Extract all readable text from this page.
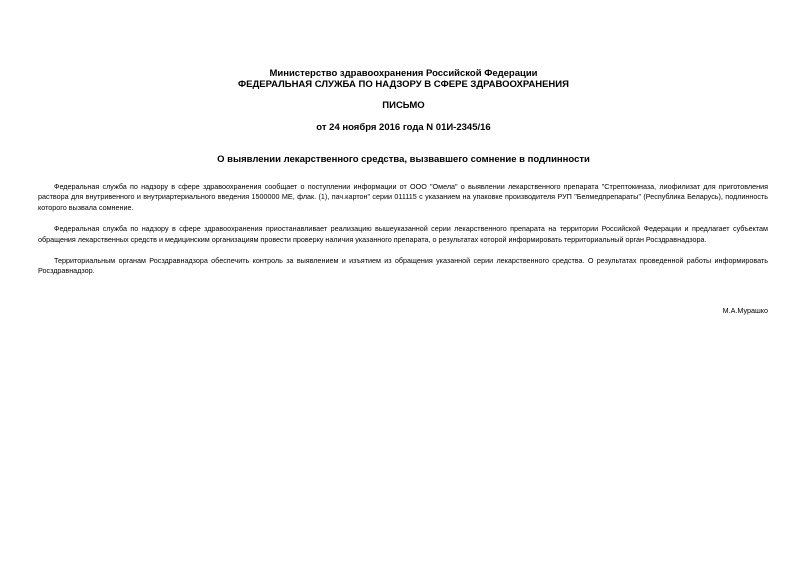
Министерство здравоохранения Российской Федерации
ФЕДЕРАЛЬНАЯ СЛУЖБА ПО НАДЗОРУ В СФЕРЕ ЗДРАВООХРАНЕНИЯ
ПИСЬМО
от 24 ноября 2016 года N 01И-2345/16
О выявлении лекарственного средства, вызвавшего сомнение в подлинности

Федеральная служба по надзору в сфере здравоохранения сообщает о поступлении информации от ООО "Омела" о выявлении лекарственного препарата "Стрептокиназа, лиофилизат для приготовления раствора для внутривенного и внутриартериального введения 1500000 МЕ, флак. (1), пач.картон" серии 011115 с указанием на упаковке производителя РУП "Белмедпрепараты" (Республика Беларусь), подлинность которого вызвала сомнение.

Федеральная служба по надзору в сфере здравоохранения приостанавливает реализацию вышеуказанной серии лекарственного препарата на территории Российской Федерации и предлагает субъектам обращения лекарственных средств и медицинским организациям провести проверку наличия указанного препарата, о результатах которой информировать территориальный орган Росздравнадзора.

Территориальным органам Росздравнадзора обеспечить контроль за выявлением и изъятием из обращения указанной серии лекарственного средства. О результатах проведенной работы информировать Росздравнадзор.

М.А.Мурашко
